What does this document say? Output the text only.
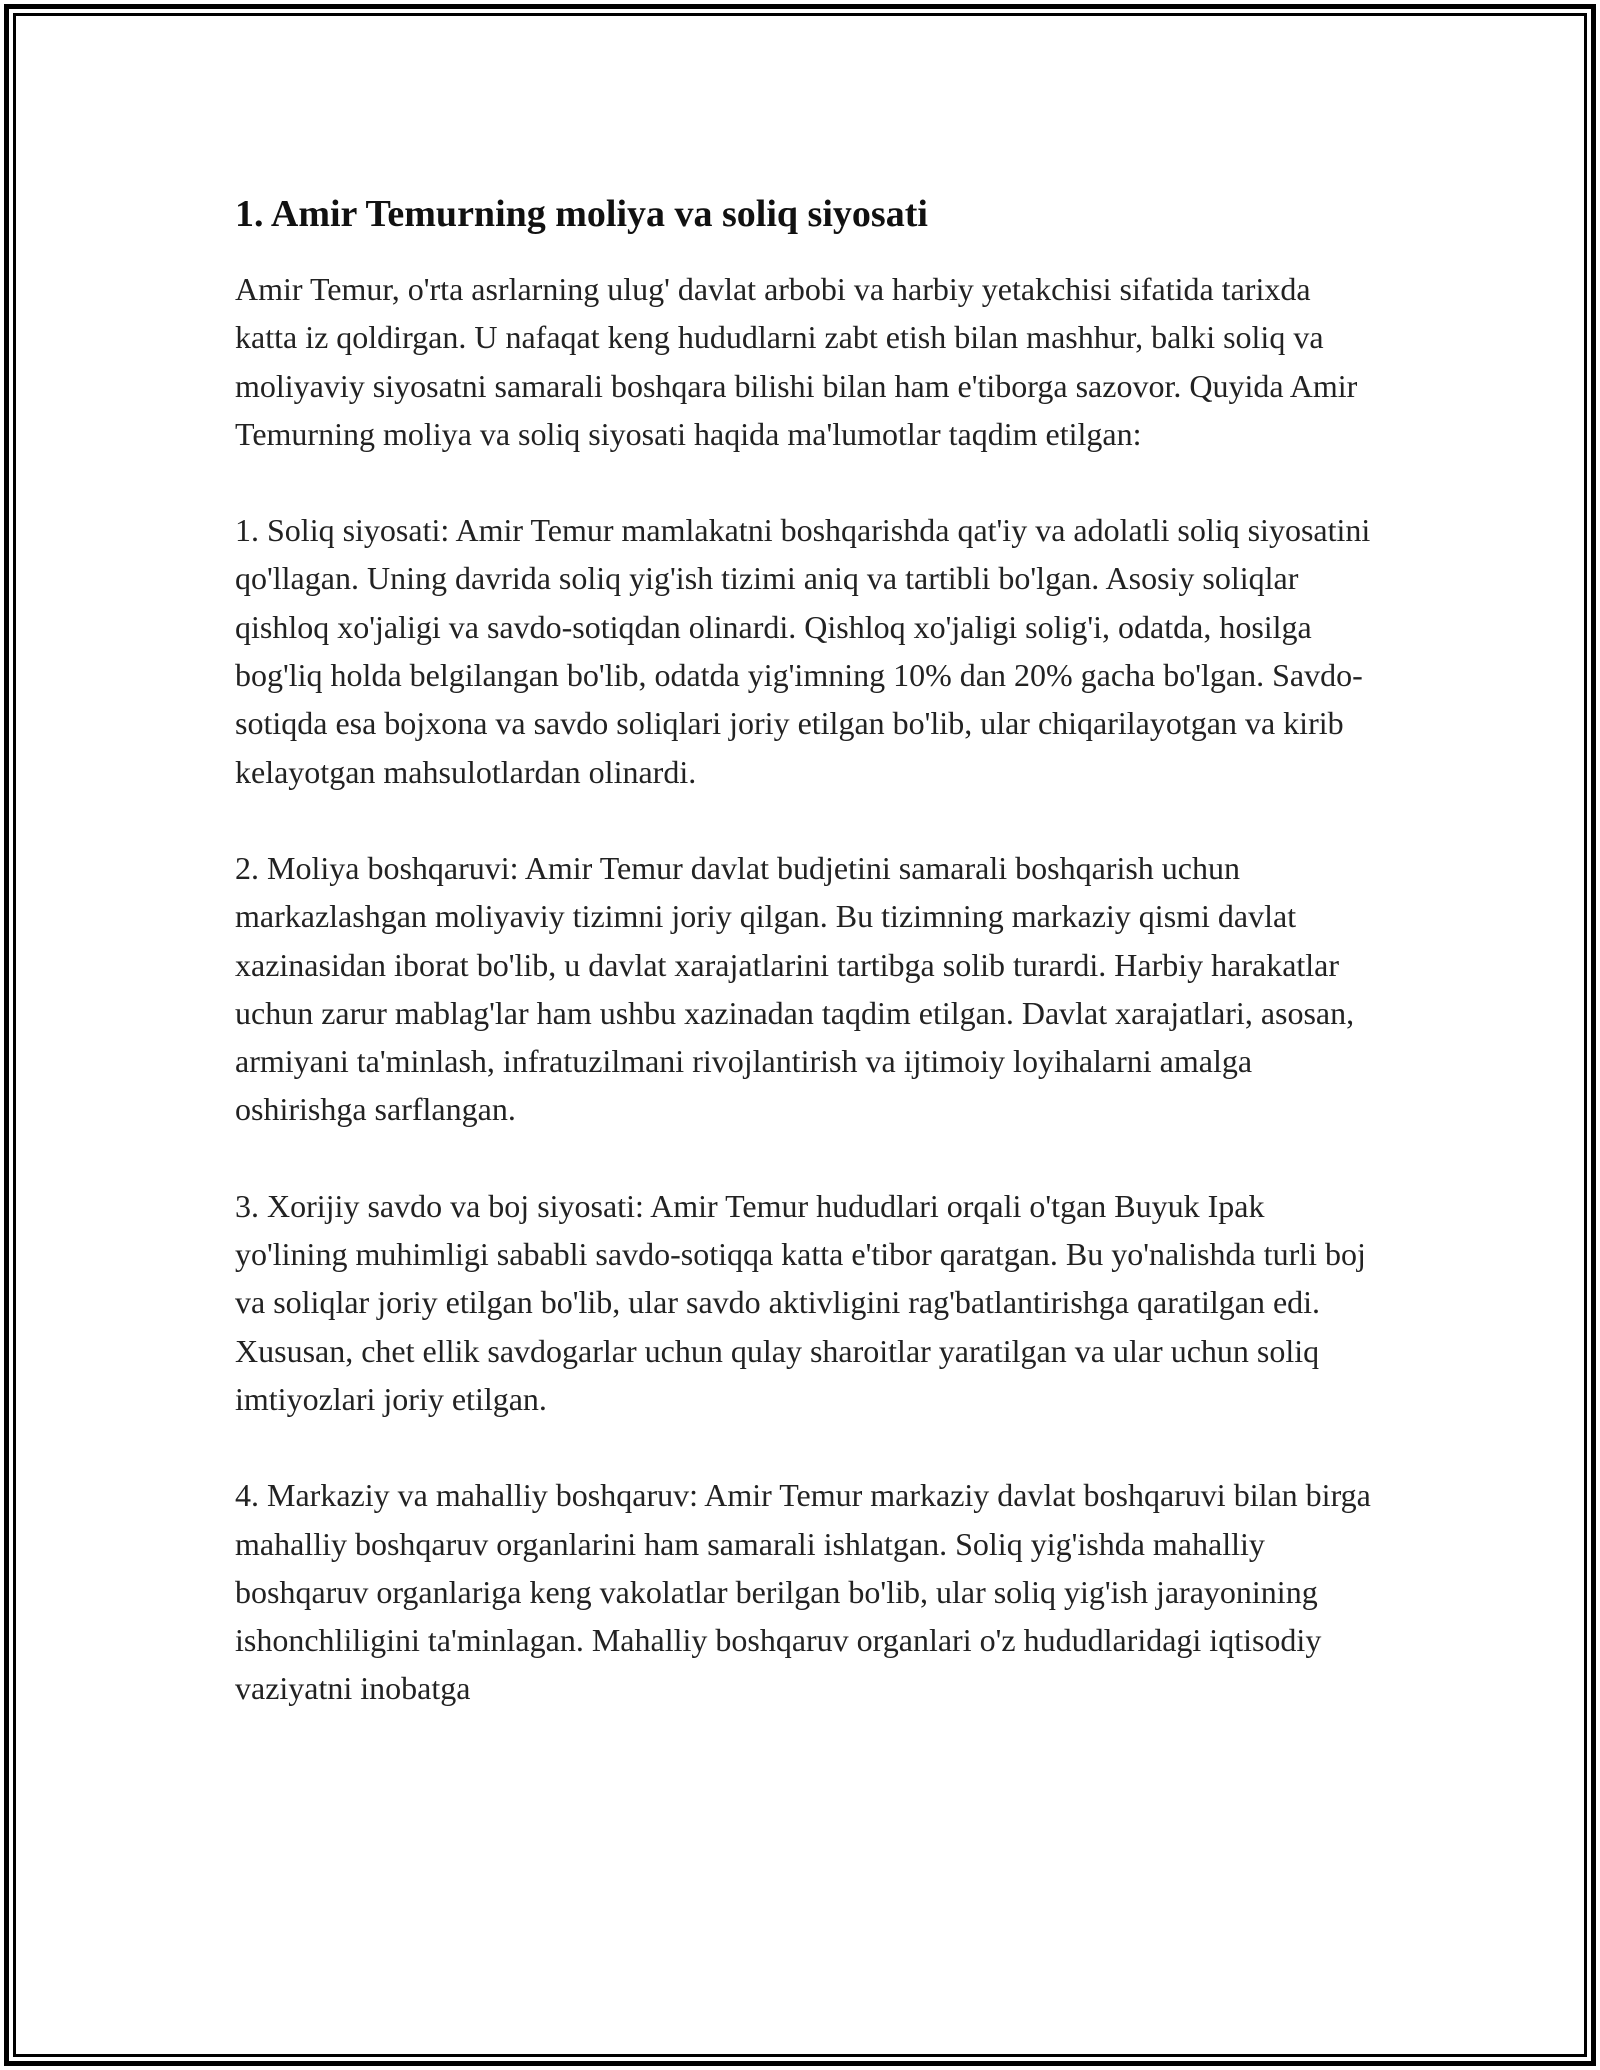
1. Amir Temurning moliya va soliq siyosati

Amir Temur, o'rta asrlarning ulug' davlat arbobi va harbiy yetakchisi sifatida tarixda katta iz qoldirgan. U nafaqat keng hududlarni zabt etish bilan mashhur, balki soliq va moliyaviy siyosatni samarali boshqara bilishi bilan ham e'tiborga sazovor. Quyida Amir Temurning moliya va soliq siyosati haqida ma'lumotlar taqdim etilgan:

1. Soliq siyosati: Amir Temur mamlakatni boshqarishda qat'iy va adolatli soliq siyosatini qo'llagan. Uning davrida soliq yig'ish tizimi aniq va tartibli bo'lgan. Asosiy soliqlar qishloq xo'jaligi va savdo-sotiqdan olinardi. Qishloq xo'jaligi solig'i, odatda, hosilga bog'liq holda belgilangan bo'lib, odatda yig'imning 10% dan 20% gacha bo'lgan. Savdo-sotiqda esa bojxona va savdo soliqlari joriy etilgan bo'lib, ular chiqarilayotgan va kirib kelayotgan mahsulotlardan olinardi.

2. Moliya boshqaruvi: Amir Temur davlat budjetini samarali boshqarish uchun markazlashgan moliyaviy tizimni joriy qilgan. Bu tizimning markaziy qismi davlat xazinasidan iborat bo'lib, u davlat xarajatlarini tartibga solib turardi. Harbiy harakatlar uchun zarur mablag'lar ham ushbu xazinadan taqdim etilgan. Davlat xarajatlari, asosan, armiyani ta'minlash, infratuzilmani rivojlantirish va ijtimoiy loyihalarni amalga oshirishga sarflangan.

3. Xorijiy savdo va boj siyosati: Amir Temur hududlari orqali o'tgan Buyuk Ipak yo'lining muhimligi sababli savdo-sotiqqa katta e'tibor qaratgan. Bu yo'nalishda turli boj va soliqlar joriy etilgan bo'lib, ular savdo aktivligini rag'batlantirishga qaratilgan edi. Xususan, chet ellik savdogarlar uchun qulay sharoitlar yaratilgan va ular uchun soliq imtiyozlari joriy etilgan.

4. Markaziy va mahalliy boshqaruv: Amir Temur markaziy davlat boshqaruvi bilan birga mahalliy boshqaruv organlarini ham samarali ishlatgan. Soliq yig'ishda mahalliy boshqaruv organlariga keng vakolatlar berilgan bo'lib, ular soliq yig'ish jarayonining ishonchliligini ta'minlagan. Mahalliy boshqaruv organlari o'z hududlaridagi iqtisodiy vaziyatni inobatga
